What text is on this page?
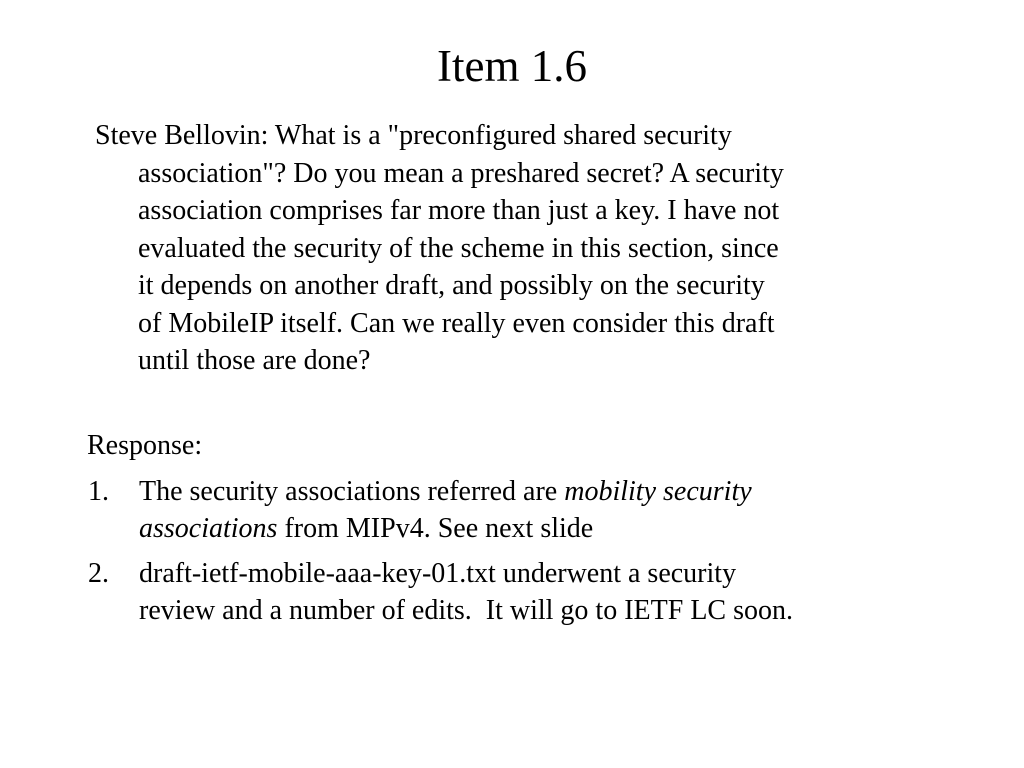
Item 1.6

Steve Bellovin: What is a "preconfigured shared security
association"? Do you mean a preshared secret? A security
association comprises far more than just a key. I have not
evaluated the security of the scheme in this section, since
it depends on another draft, and possibly on the security
of MobileIP itself. Can we really even consider this draft
until those are done?

Response:

1. The security associations referred are mobility security
associations from MIPv4. See next slide
2. draft-ietf-mobile-aaa-key-01.txt underwent a security
review and a number of edits.  It will go to IETF LC soon.
